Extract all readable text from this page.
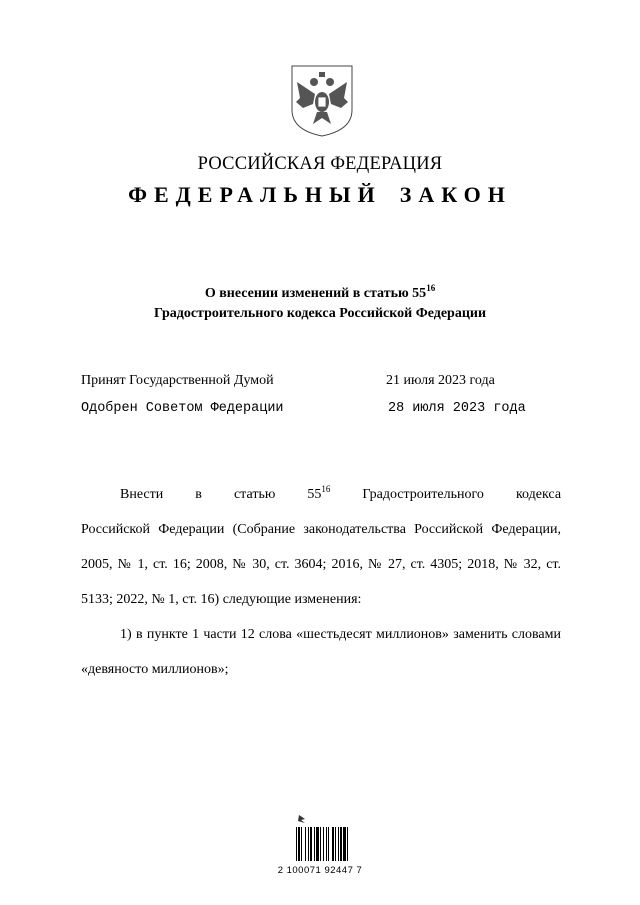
РОССИЙСКАЯ ФЕДЕРАЦИЯ
ФЕДЕРАЛЬНЫЙ ЗАКОН
О внесении изменений в статью $55^{16}$
Градостроительного кодекса Российской Федерации
Принят Государственной Думой	21 июля 2023 года
Одобрен Советом Федерации	28 июля 2023 года

Внести в статью $55^{16}$ Градостроительного кодекса

Российской Федерации (Собрание законодательства Российской Федерации, 2005, № 1, ст. 16; 2008, № 30, ст. 3604; 2016, № 27, ст. 4305; 2018, № 32, ст. 5133; 2022, № 1, ст. 16) следующие изменения:

1) в пункте 1 части 12 слова «шестьдесят миллионов» заменить словами «девяносто миллионов»;

2 100071 92447 7
